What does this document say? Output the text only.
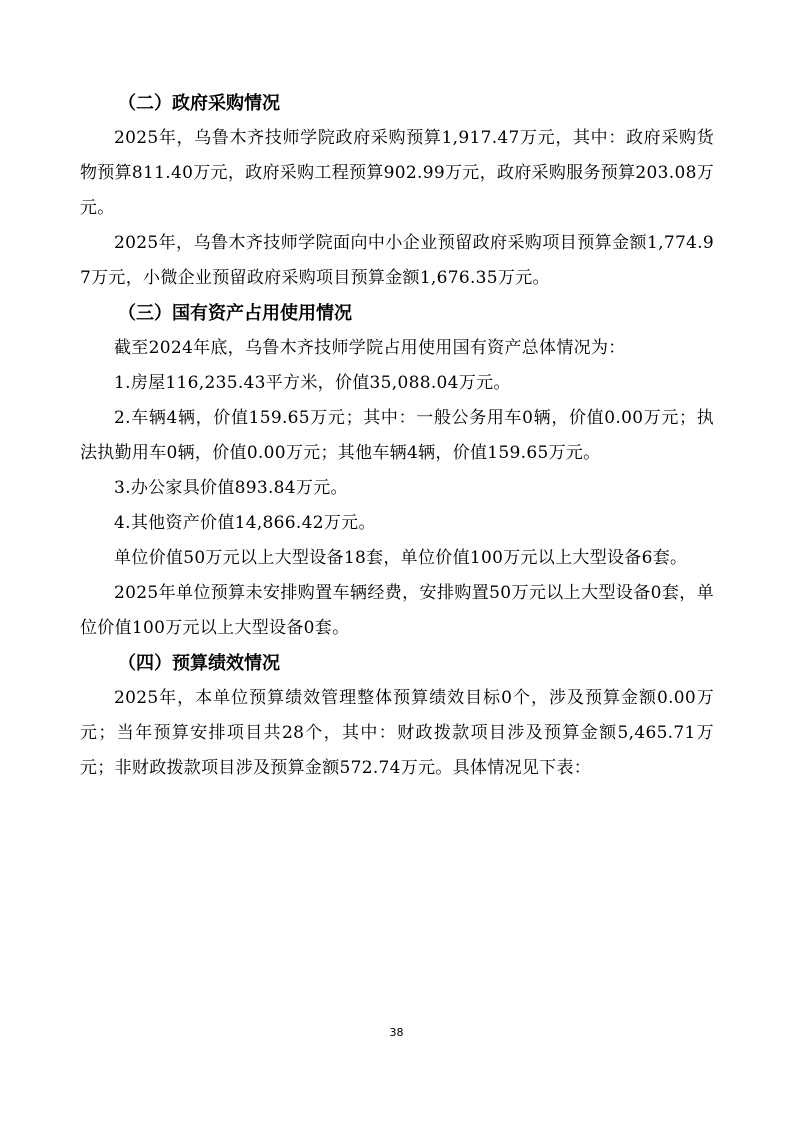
（二）政府采购情况

2025年，乌鲁木齐技师学院政府采购预算1,917.47万元，其中：政府采购货物预算811.40万元，政府采购工程预算902.99万元，政府采购服务预算203.08万元。

2025年，乌鲁木齐技师学院面向中小企业预留政府采购项目预算金额1,774.97万元，小微企业预留政府采购项目预算金额1,676.35万元。

（三）国有资产占用使用情况

截至2024年底，乌鲁木齐技师学院占用使用国有资产总体情况为：

1.房屋116,235.43平方米，价值35,088.04万元。

2.车辆4辆，价值159.65万元；其中：一般公务用车0辆，价值0.00万元；执法执勤用车0辆，价值0.00万元；其他车辆4辆，价值159.65万元。

3.办公家具价值893.84万元。

4.其他资产价值14,866.42万元。

单位价值50万元以上大型设备18套，单位价值100万元以上大型设备6套。

2025年单位预算未安排购置车辆经费，安排购置50万元以上大型设备0套，单位价值100万元以上大型设备0套。

（四）预算绩效情况

2025年，本单位预算绩效管理整体预算绩效目标0个，涉及预算金额0.00万元；当年预算安排项目共28个，其中：财政拨款项目涉及预算金额5,465.71万元；非财政拨款项目涉及预算金额572.74万元。具体情况见下表：

38
